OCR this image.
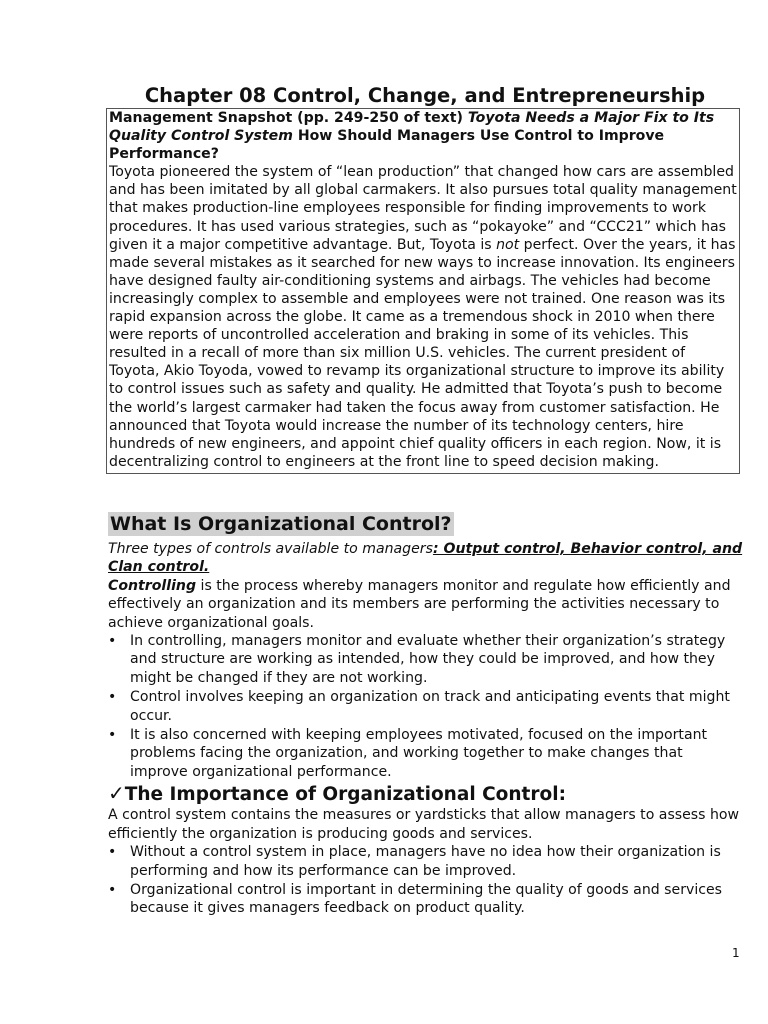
Chapter 08 Control, Change, and Entrepreneurship

Management Snapshot (pp. 249-250 of text) Toyota Needs a Major Fix to Its Quality Control System How Should Managers Use Control to Improve Performance?

Toyota pioneered the system of “lean production” that changed how cars are assembled and has been imitated by all global carmakers. It also pursues total quality management that makes production-line employees responsible for finding improvements to work procedures. It has used various strategies, such as “pokayoke” and “CCC21” which has given it a major competitive advantage. But, Toyota is not perfect. Over the years, it has made several mistakes as it searched for new ways to increase innovation. Its engineers have designed faulty air-conditioning systems and airbags. The vehicles had become increasingly complex to assemble and employees were not trained. One reason was its rapid expansion across the globe. It came as a tremendous shock in 2010 when there were reports of uncontrolled acceleration and braking in some of its vehicles. This resulted in a recall of more than six million U.S. vehicles. The current president of Toyota, Akio Toyoda, vowed to revamp its organizational structure to improve its ability to control issues such as safety and quality. He admitted that Toyota’s push to become the world’s largest carmaker had taken the focus away from customer satisfaction. He announced that Toyota would increase the number of its technology centers, hire hundreds of new engineers, and appoint chief quality officers in each region. Now, it is decentralizing control to engineers at the front line to speed decision making.

What Is Organizational Control?

Three types of controls available to managers: Output control, Behavior control, and Clan control.

Controlling is the process whereby managers monitor and regulate how efficiently and effectively an organization and its members are performing the activities necessary to achieve organizational goals.

• In controlling, managers monitor and evaluate whether their organization’s strategy and structure are working as intended, how they could be improved, and how they might be changed if they are not working.
• Control involves keeping an organization on track and anticipating events that might occur.
• It is also concerned with keeping employees motivated, focused on the important problems facing the organization, and working together to make changes that improve organizational performance.

✓The Importance of Organizational Control:

A control system contains the measures or yardsticks that allow managers to assess how efficiently the organization is producing goods and services.

• Without a control system in place, managers have no idea how their organization is performing and how its performance can be improved.
• Organizational control is important in determining the quality of goods and services because it gives managers feedback on product quality.
1
